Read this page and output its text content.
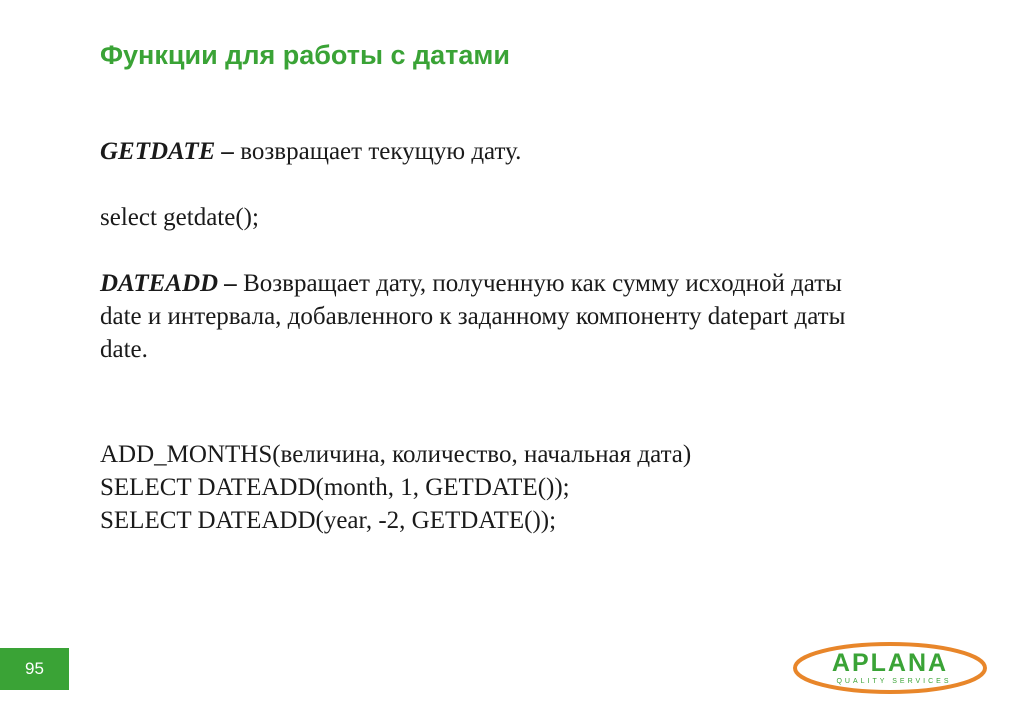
Функции для работы с датами

GETDATE – возвращает текущую дату.

select getdate();

DATEADD – Возвращает дату, полученную как сумму исходной даты

date и интервала, добавленного к заданному компоненту datepart даты

date.

ADD_MONTHS(величина, количество, начальная дата)

SELECT DATEADD(month, 1, GETDATE());

SELECT DATEADD(year, -2, GETDATE());

95	APLANA
QUALITY SERVICES
